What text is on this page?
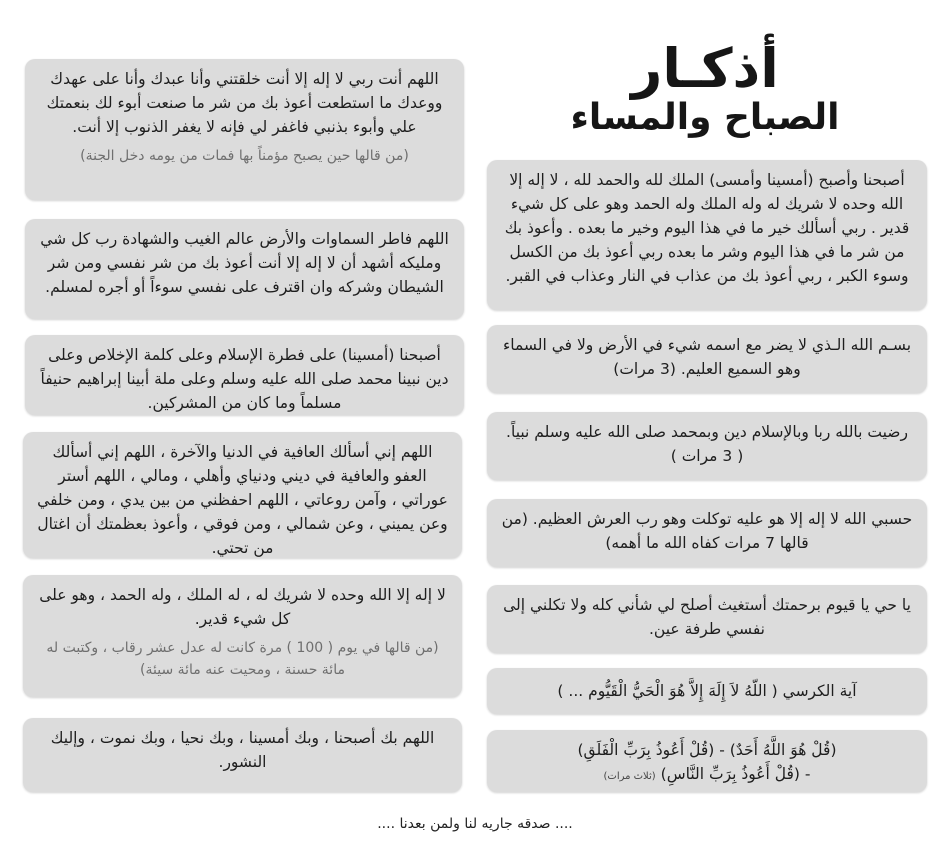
أذكـار
الصباح والمساء

اللهم أنت ربي لا إله إلا أنت خلقتني وأنا عبدك وأنا على عهدك ووعدك ما استطعت أعوذ بك من شر ما صنعت أبوء لك بنعمتك علي وأبوء بذنبي فاغفر لي فإنه لا يغفر الذنوب إلا أنت.

(من قالها حين يصبح مؤمناً بها فمات من يومه دخل الجنة)

اللهم فاطر السماوات والأرض عالم الغيب والشهادة رب كل شي ومليكه أشهد أن لا إله إلا أنت أعوذ بك من شر نفسي ومن شر الشيطان وشركه وان اقترف على نفسي سوءاً أو أجره لمسلم.

أصبحنا (أمسينا) على فطرة الإسلام وعلى كلمة الإخلاص وعلى دين نبينا محمد صلى الله عليه وسلم وعلى ملة أبينا إبراهيم حنيفاً مسلماً وما كان من المشركين.

اللهم إني أسألك العافية في الدنيا والآخرة ، اللهم إني أسألك العفو والعافية في ديني ودنياي وأهلي ، ومالي ، اللهم أستر عوراتي ، وآمن روعاتي ، اللهم احفظني من بين يدي ، ومن خلفي وعن يميني ، وعن شمالي ، ومن فوقي ، وأعوذ بعظمتك أن اغتال من تحتي.

لا إله إلا الله وحده لا شريك له ، له الملك ، وله الحمد ، وهو على كل شيء قدير.

(من قالها في يوم ( 100 ) مرة كانت له عدل عشر رقاب ، وكتبت له مائة حسنة ، ومحيت عنه مائة سيئة)

اللهم بك أصبحنا ، وبك أمسينا ، وبك نحيا ، وبك نموت ، وإليك النشور.

أصبحنا وأصبح (أمسينا وأمسى) الملك لله والحمد لله ، لا إله إلا الله وحده لا شريك له وله الملك وله الحمد وهو على كل شيء قدير . ربي أسألك خير ما في هذا اليوم وخير ما بعده . وأعوذ بك من شر ما في هذا اليوم وشر ما بعده ربي أعوذ بك من الكسل وسوء الكبر ، ربي أعوذ بك من عذاب في النار وعذاب في القبر.

بسـم الله الـذي لا يضر مع اسمه شيء في الأرض ولا في السماء وهو السميع العليم. (3 مرات)

رضيت بالله ربا وبالإسلام دين وبمحمد صلى الله عليه وسلم نبياً. ( 3 مرات )

حسبي الله لا إله إلا هو عليه توكلت وهو رب العرش العظيم. (من قالها 7 مرات كفاه الله ما أهمه)

يا حي يا قيوم برحمتك أستغيث أصلح لي شأني كله ولا تكلني إلى نفسي طرفة عين.

آية الكرسي ( اللّهُ لاَ إِلَهَ إِلاَّ هُوَ الْحَيُّ الْقَيُّوم ... )

(قُلْ هُوَ اللَّهُ أَحَدٌ) - (قُلْ أَعُوذُ بِرَبِّ الْفَلَقِ)

- (قُلْ أَعُوذُ بِرَبِّ النَّاسِ) (ثلاث مرات)

.... صدقه جاريه لنا ولمن بعدنا ....
